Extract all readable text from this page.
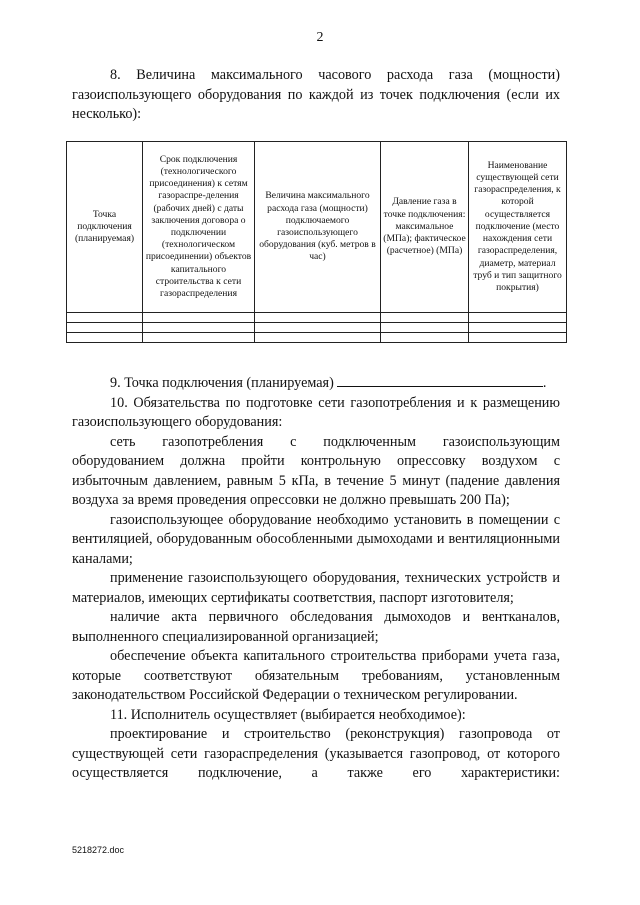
2

8. Величина максимального часового расхода газа (мощности) газоиспользующего оборудования по каждой из точек подключения (если их несколько):

Точка подключения (планируемая)	Срок подключения (технологического присоединения) к сетям газораспре-деления (рабочих дней) с даты заключения договора о подключении (технологическом присоединении) объектов капитального строительства к сети газораспределения	Величина максимального расхода газа (мощности) подключаемого газоиспользующего оборудования (куб. метров в час)	Давление газа в точке подключения: максимальное (МПа); фактическое (расчетное) (МПа)	Наименование существующей сети газораспределения, к которой осуществляется подключение (место нахождения сети газораспределения, диаметр, материал труб и тип защитного покрытия)

9. Точка подключения (планируемая)	.

10. Обязательства по подготовке сети газопотребления и к размещению газоиспользующего оборудования:

сеть газопотребления с подключенным газоиспользующим оборудованием должна пройти контрольную опрессовку воздухом с избыточным давлением, равным 5 кПа, в течение 5 минут (падение давления воздуха за время проведения опрессовки не должно превышать 200 Па);

газоиспользующее оборудование необходимо установить в помещении с вентиляцией, оборудованным обособленными дымоходами и вентиляционными каналами;

применение газоиспользующего оборудования, технических устройств и материалов, имеющих сертификаты соответствия, паспорт изготовителя;

наличие акта первичного обследования дымоходов и вентканалов, выполненного специализированной организацией;

обеспечение объекта капитального строительства приборами учета газа, которые соответствуют обязательным требованиям, установленным законодательством Российской Федерации о техническом регулировании.

11. Исполнитель осуществляет (выбирается необходимое):

проектирование и строительство (реконструкция) газопровода от существующей сети газораспределения (указывается газопровод, от которого осуществляется подключение, а также его характеристики:

5218272.doc
